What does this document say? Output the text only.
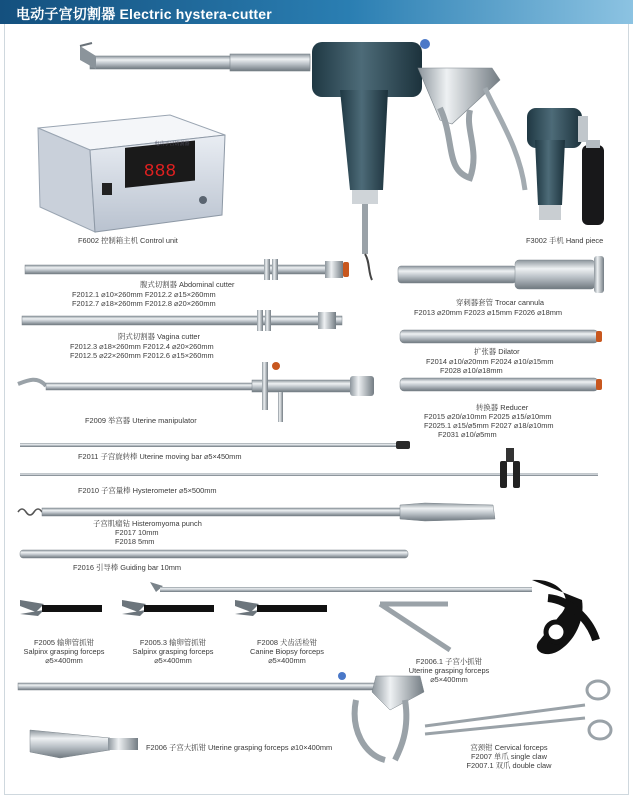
电动子宫切割器 Electric hystera-cutter
888
电动子宫切割器
F6002 控制箱主机 Control unit	F3002 手机 Hand piece
腹式切割器 Abdominal cutter
F2012.1 ⌀10×260mm F2012.2 ⌀15×260mm
F2012.7 ⌀18×260mm F2012.8 ⌀20×260mm	穿刺器套管 Trocar cannula
F2013 ⌀20mm F2023 ⌀15mm F2026 ⌀18mm
阴式切割器 Vagina cutter
F2012.3 ⌀18×260mm F2012.4 ⌀20×260mm
F2012.5 ⌀22×260mm F2012.6 ⌀15×260mm	扩张器 Dilator
F2014 ⌀10/⌀20mm F2024 ⌀10/⌀15mm
F2028 ⌀10/⌀18mm
F2009 举宫器 Uterine manipulator
转换器 Reducer
F2015 ⌀20/⌀10mm F2025 ⌀15/⌀10mm
F2025.1 ⌀15/⌀5mm F2027 ⌀18/⌀10mm
F2031 ⌀10/⌀5mm
F2011 子宫旋转棒 Uterine moving bar ⌀5×450mm
F2010 子宫量棒 Hysterometer ⌀5×500mm
子宫肌瘤钻 Histeromyoma punch
F2017 10mm
F2018 5mm
F2016 引导棒 Guiding bar 10mm
F2005 输卵管抓钳
Salpinx grasping forceps
⌀5×400mm
F2005.3 输卵管抓钳
Salpinx grasping forceps
⌀5×400mm
F2008 犬齿活检钳
Canine Biopsy forceps
⌀5×400mm	F2006.1 子宫小抓钳
Uterine grasping forceps
⌀5×400mm
F2006 子宫大抓钳 Uterine grasping forceps ⌀10×400mm	宫颈钳 Cervical forceps
F2007 单爪 single claw
F2007.1 双爪 double claw
